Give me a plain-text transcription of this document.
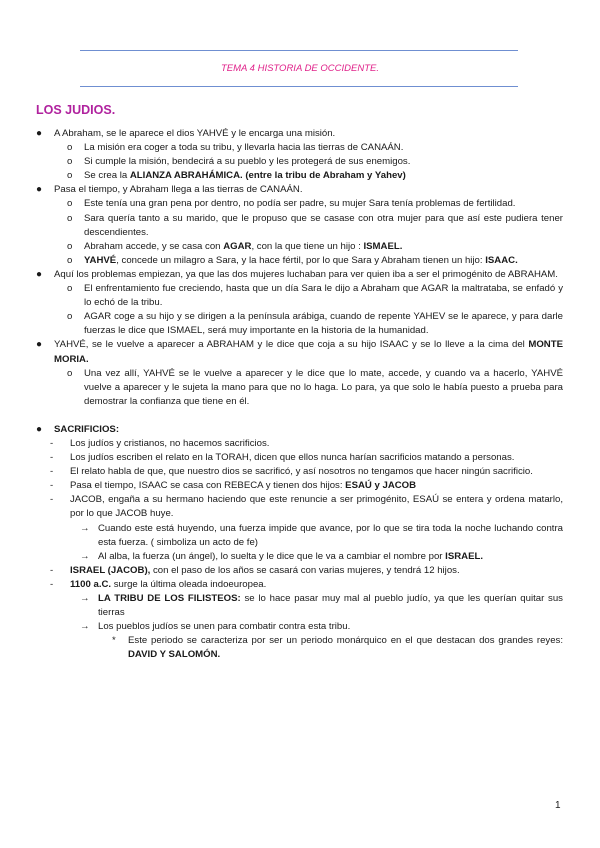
TEMA 4 HISTORIA DE OCCIDENTE.
LOS JUDIOS.
● A Abraham, se le aparece el dios YAHVÉ y le encarga una misión.
o La misión era coger a toda su tribu, y llevarla hacia las tierras de CANAÁN.
o Si cumple la misión, bendecirá a su pueblo y les protegerá de sus enemigos.
o Se crea la ALIANZA ABRAHÁMICA. (entre la tribu de Abraham y Yahev)
● Pasa el tiempo, y Abraham llega a las tierras de CANAÁN.
o Este tenía una gran pena por dentro, no podía ser padre, su mujer Sara tenía problemas de fertilidad.
o Sara quería tanto a su marido, que le propuso que se casase con otra mujer para que así este pudiera tener descendientes.
o Abraham accede, y se casa con AGAR, con la que tiene un hijo : ISMAEL.
o YAHVÉ, concede un milagro a Sara, y la hace fértil, por lo que Sara y Abraham tienen un hijo: ISAAC.
● Aquí los problemas empiezan, ya que las dos mujeres luchaban para ver quien iba a ser el primogénito de ABRAHAM.
o El enfrentamiento fue creciendo, hasta que un día Sara le dijo a Abraham que AGAR la maltrataba, se enfadó y lo echó de la tribu.
o AGAR coge a su hijo y se dirigen a la península arábiga, cuando de repente YAHEV se le aparece, y para darle fuerzas le dice que ISMAEL, será muy importante en la historia de la humanidad.
● YAHVÉ, se le vuelve a aparecer a ABRAHAM y le dice que coja a su hijo ISAAC y se lo lleve a la cima del MONTE MORIA.
o Una vez allí, YAHVÉ se le vuelve a aparecer y le dice que lo mate, accede, y cuando va a hacerlo, YAHVÉ vuelve a aparecer y le sujeta la mano para que no lo haga. Lo para, ya que solo le había puesto a prueba para demostrar la confianza que tiene en él.
● SACRIFICIOS:
- Los judíos y cristianos, no hacemos sacrificios.
- Los judíos escriben el relato en la TORAH, dicen que ellos nunca harían sacrificios matando a personas.
- El relato habla de que, que nuestro dios se sacrificó, y así nosotros no tengamos que hacer ningún sacrificio.
- Pasa el tiempo, ISAAC se casa con REBECA y tienen dos hijos: ESAÚ y JACOB
- JACOB, engaña a su hermano haciendo que este renuncie a ser primogénito, ESAÚ se entera y ordena matarlo, por lo que JACOB huye.
→ Cuando este está huyendo, una fuerza impide que avance, por lo que se tira toda la noche luchando contra esta fuerza. ( simboliza un acto de fe)
→ Al alba, la fuerza (un ángel), lo suelta y le dice que le va a cambiar el nombre por ISRAEL.
- ISRAEL (JACOB), con el paso de los años se casará con varias mujeres, y tendrá 12 hijos.
- 1100 a.C. surge la última oleada indoeuropea.
→ LA TRIBU DE LOS FILISTEOS: se lo hace pasar muy mal al pueblo judío, ya que les querían quitar sus tierras
→ Los pueblos judíos se unen para combatir contra esta tribu.
* Este periodo se caracteriza por ser un periodo monárquico en el que destacan dos grandes reyes: DAVID Y SALOMÓN.
1
